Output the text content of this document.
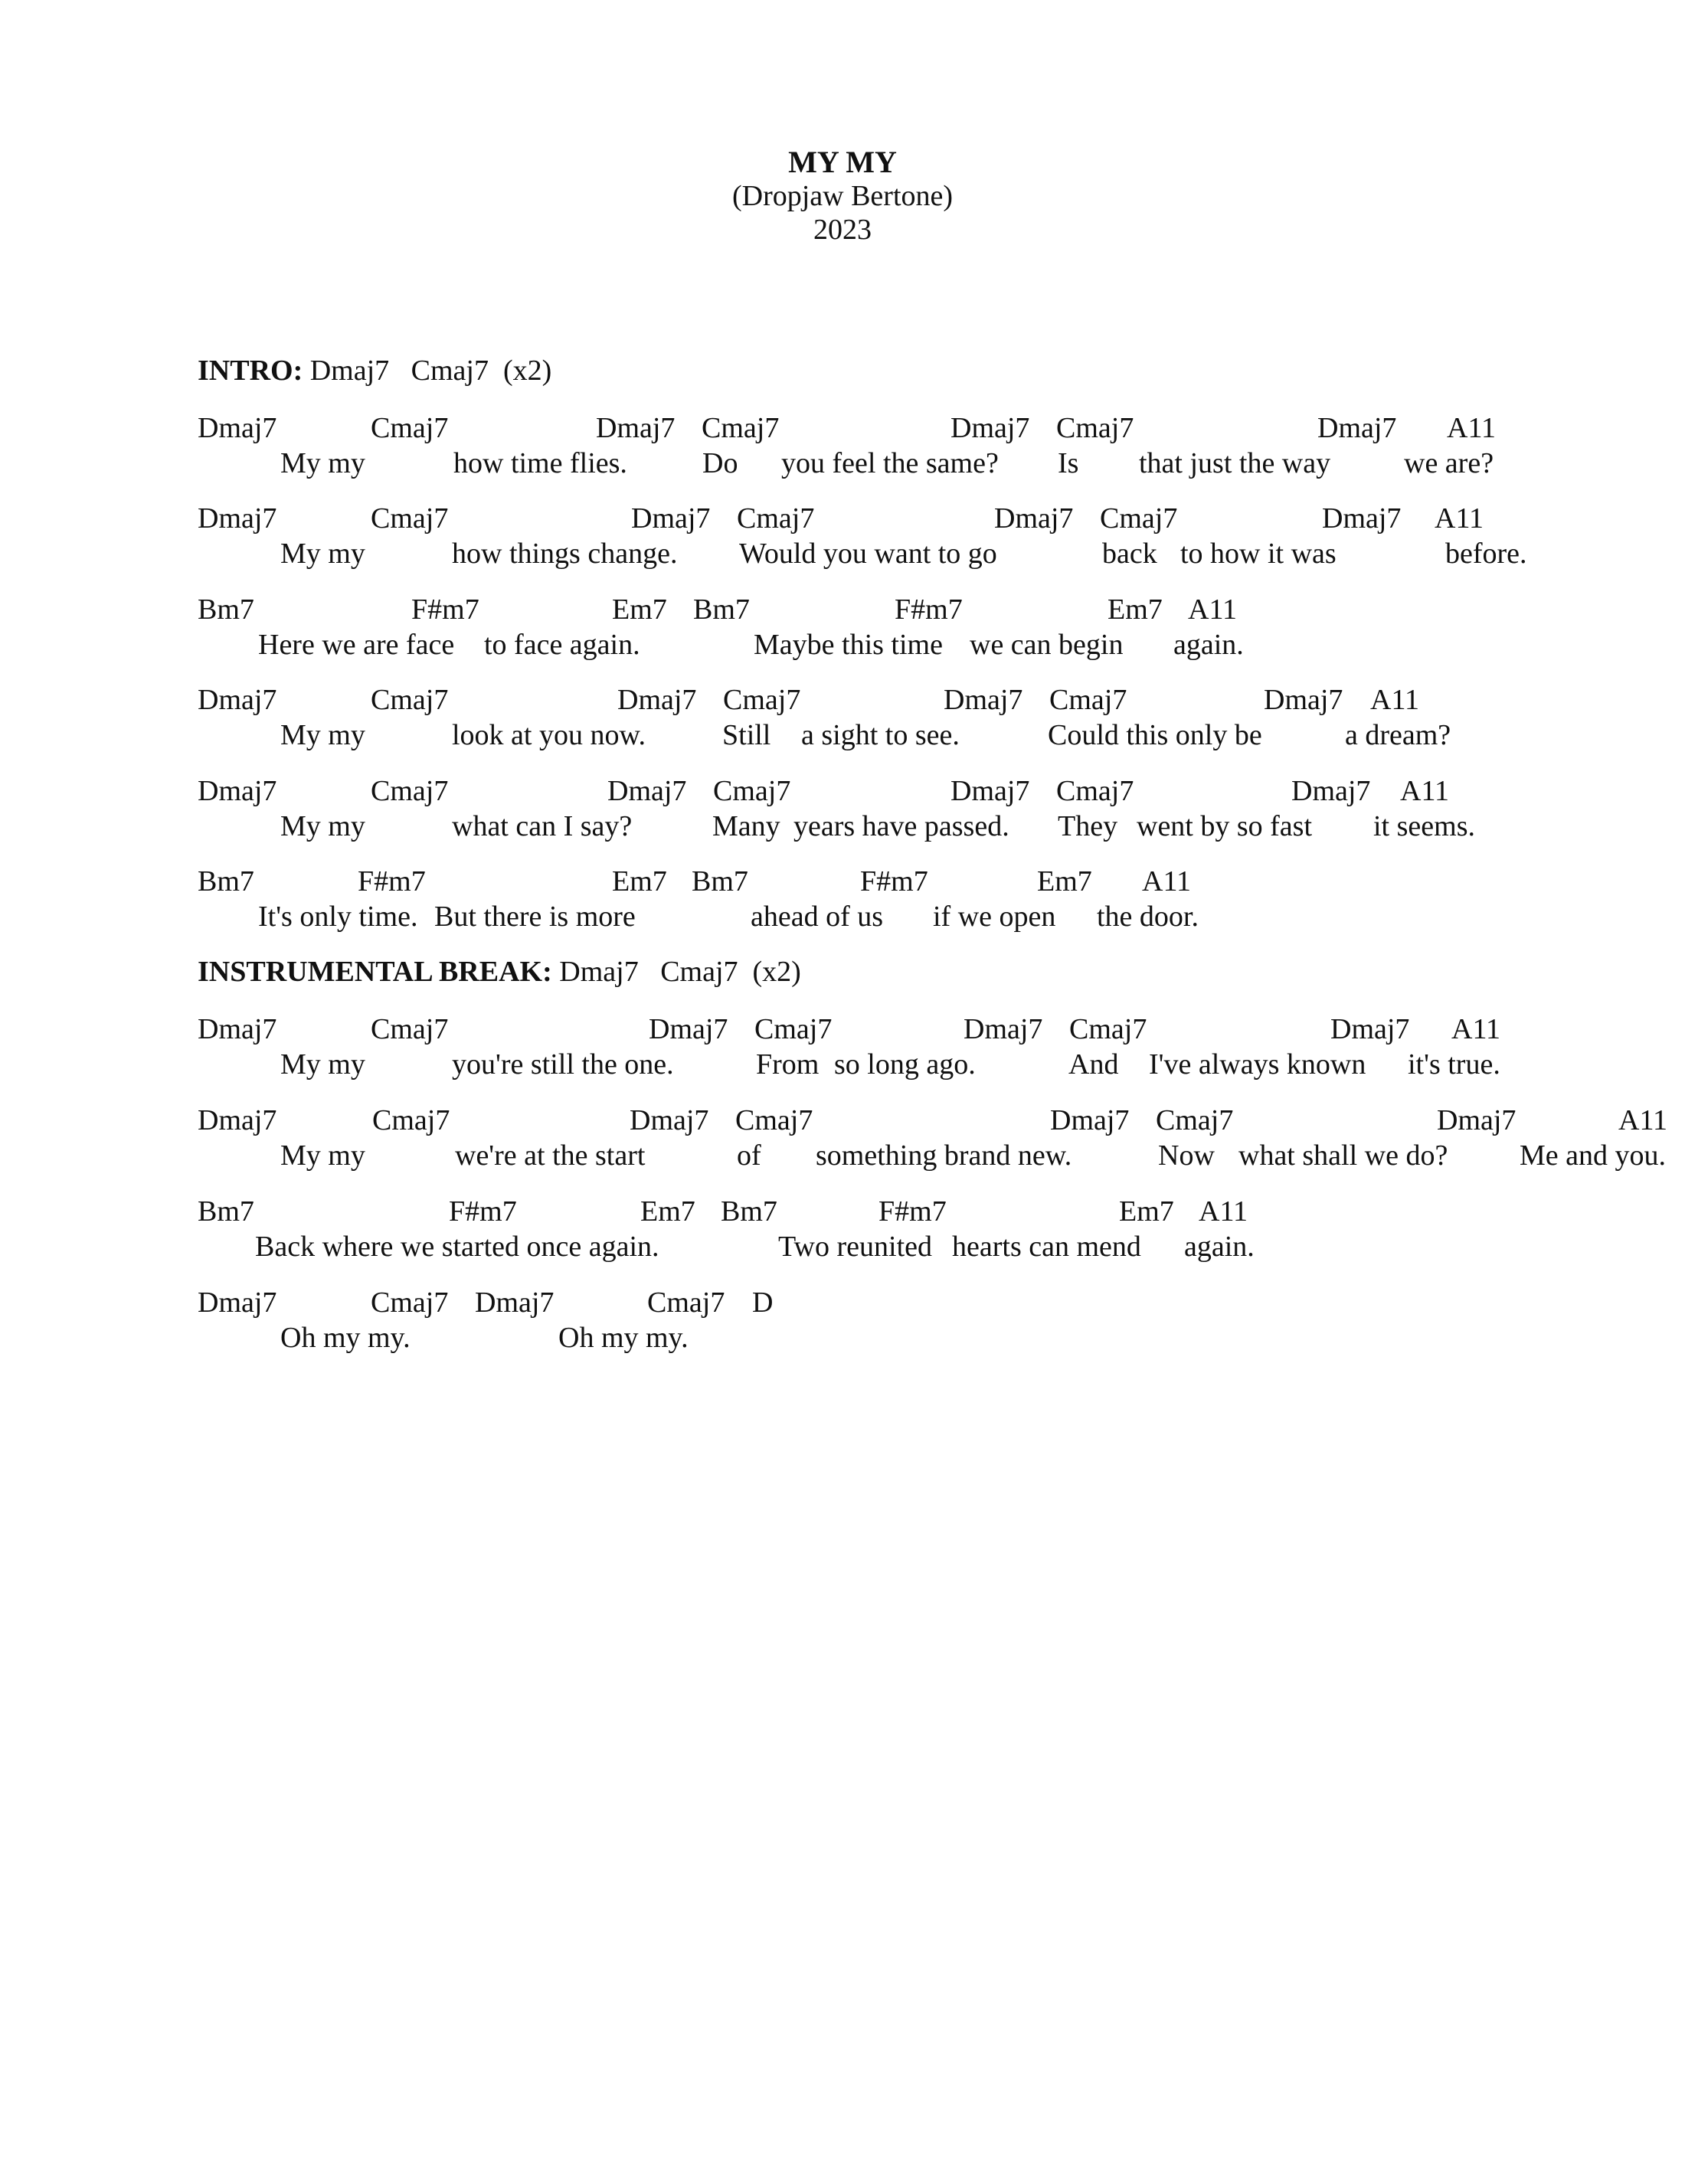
MY MY
(Dropjaw Bertone)
2023
INTRO: Dmaj7   Cmaj7  (x2)
INSTRUMENTAL BREAK: Dmaj7   Cmaj7  (x2)
Dmaj7	Cmaj7	Dmaj7 Cmaj7	Dmaj7 Cmaj7	Dmaj7 A11
My my	how time flies.	Do you feel the same? Is that just the way	we are?
Dmaj7	Cmaj7	Dmaj7 Cmaj7	Dmaj7 Cmaj7	Dmaj7 A11
My my	how things change. Would you want to go	back to how it was	before.
Bm7	F#m7	Em7 Bm7	F#m7	Em7 A11
Here we are face to face again.	Maybe this time we can begin again.
Dmaj7	Cmaj7	Dmaj7 Cmaj7	Dmaj7 Cmaj7	Dmaj7 A11
My my	look at you now.	Still a sight to see.	Could this only be	a dream?
Dmaj7	Cmaj7	Dmaj7 Cmaj7	Dmaj7 Cmaj7	Dmaj7 A11
My my	what can I say?	Many years have passed. They went by so fast it seems.
Bm7	F#m7	Em7 Bm7	F#m7	Em7 A11
It's only time. But there is more	ahead of us if we open the door.
Dmaj7	Cmaj7	Dmaj7 Cmaj7	Dmaj7 Cmaj7	Dmaj7 A11
My my	you're still the one.	From so long ago.	And I've always known it's true.
Dmaj7	Cmaj7	Dmaj7 Cmaj7	Dmaj7 Cmaj7	Dmaj7	A11
My my	we're at the start	of something brand new.	Now what shall we do? Me and you.
Bm7	F#m7	Em7 Bm7	F#m7	Em7 A11
Back where we started once again.	Two reunited hearts can mend again.
Dmaj7	Cmaj7 Dmaj7	Cmaj7 D
Oh my my.	Oh my my.
